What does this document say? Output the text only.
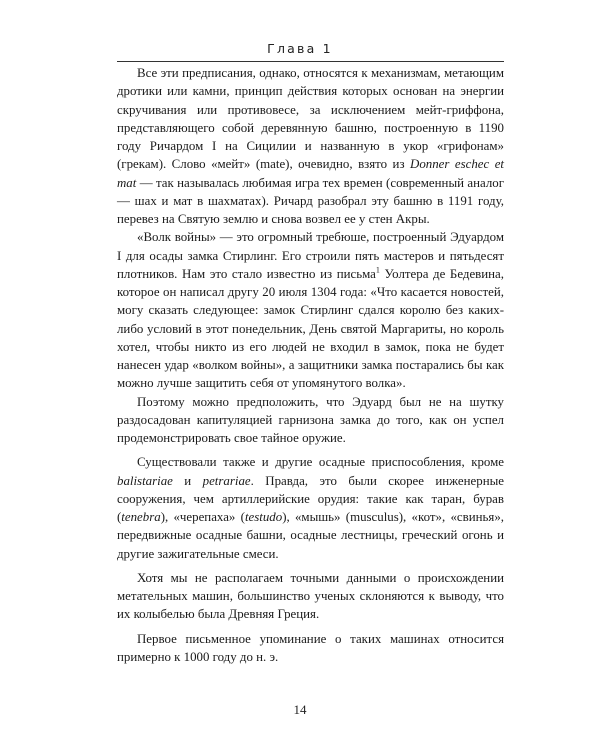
Глава 1

Все эти предписания, однако, относятся к механизмам, метающим дротики или камни, принцип действия которых основан на энергии скручивания или противовесе, за исключением мейт-гриффона, представляющего собой деревянную башню, построенную в 1190 году Ричардом I на Сицилии и названную в укор «грифонам» (грекам). Слово «мейт» (mate), очевидно, взято из Donner eschec et mat — так называлась любимая игра тех времен (современный аналог — шах и мат в шахматах). Ричард разобрал эту башню в 1191 году, перевез на Святую землю и снова возвел ее у стен Акры.

«Волк войны» — это огромный требюше, построенный Эдуардом I для осады замка Стирлинг. Его строили пять мастеров и пятьдесят плотников. Нам это стало известно из письма$^1$ Уолтера де Бедевина, которое он написал другу 20 июля 1304 года: «Что касается новостей, могу сказать следующее: замок Стирлинг сдался королю без каких-либо условий в этот понедельник, День святой Маргариты, но король хотел, чтобы никто из его людей не входил в замок, пока не будет нанесен удар «волком войны», а защитники замка постарались бы как можно лучше защитить себя от упомянутого волка».

Поэтому можно предположить, что Эдуард был не на шутку раздосадован капитуляцией гарнизона замка до того, как он успел продемонстрировать свое тайное оружие.

Существовали также и другие осадные приспособления, кроме balistariae и petrariae. Правда, это были скорее инженерные сооружения, чем артиллерийские орудия: такие как таран, бурав (tenebra), «черепаха» (testudo), «мышь» (musculus), «кот», «свинья», передвижные осадные башни, осадные лестницы, греческий огонь и другие зажигательные смеси.

Хотя мы не располагаем точными данными о происхождении метательных машин, большинство ученых склоняются к выводу, что их колыбелью была Древняя Греция.

Первое письменное упоминание о таких машинах относится примерно к 1000 году до н. э.

14
